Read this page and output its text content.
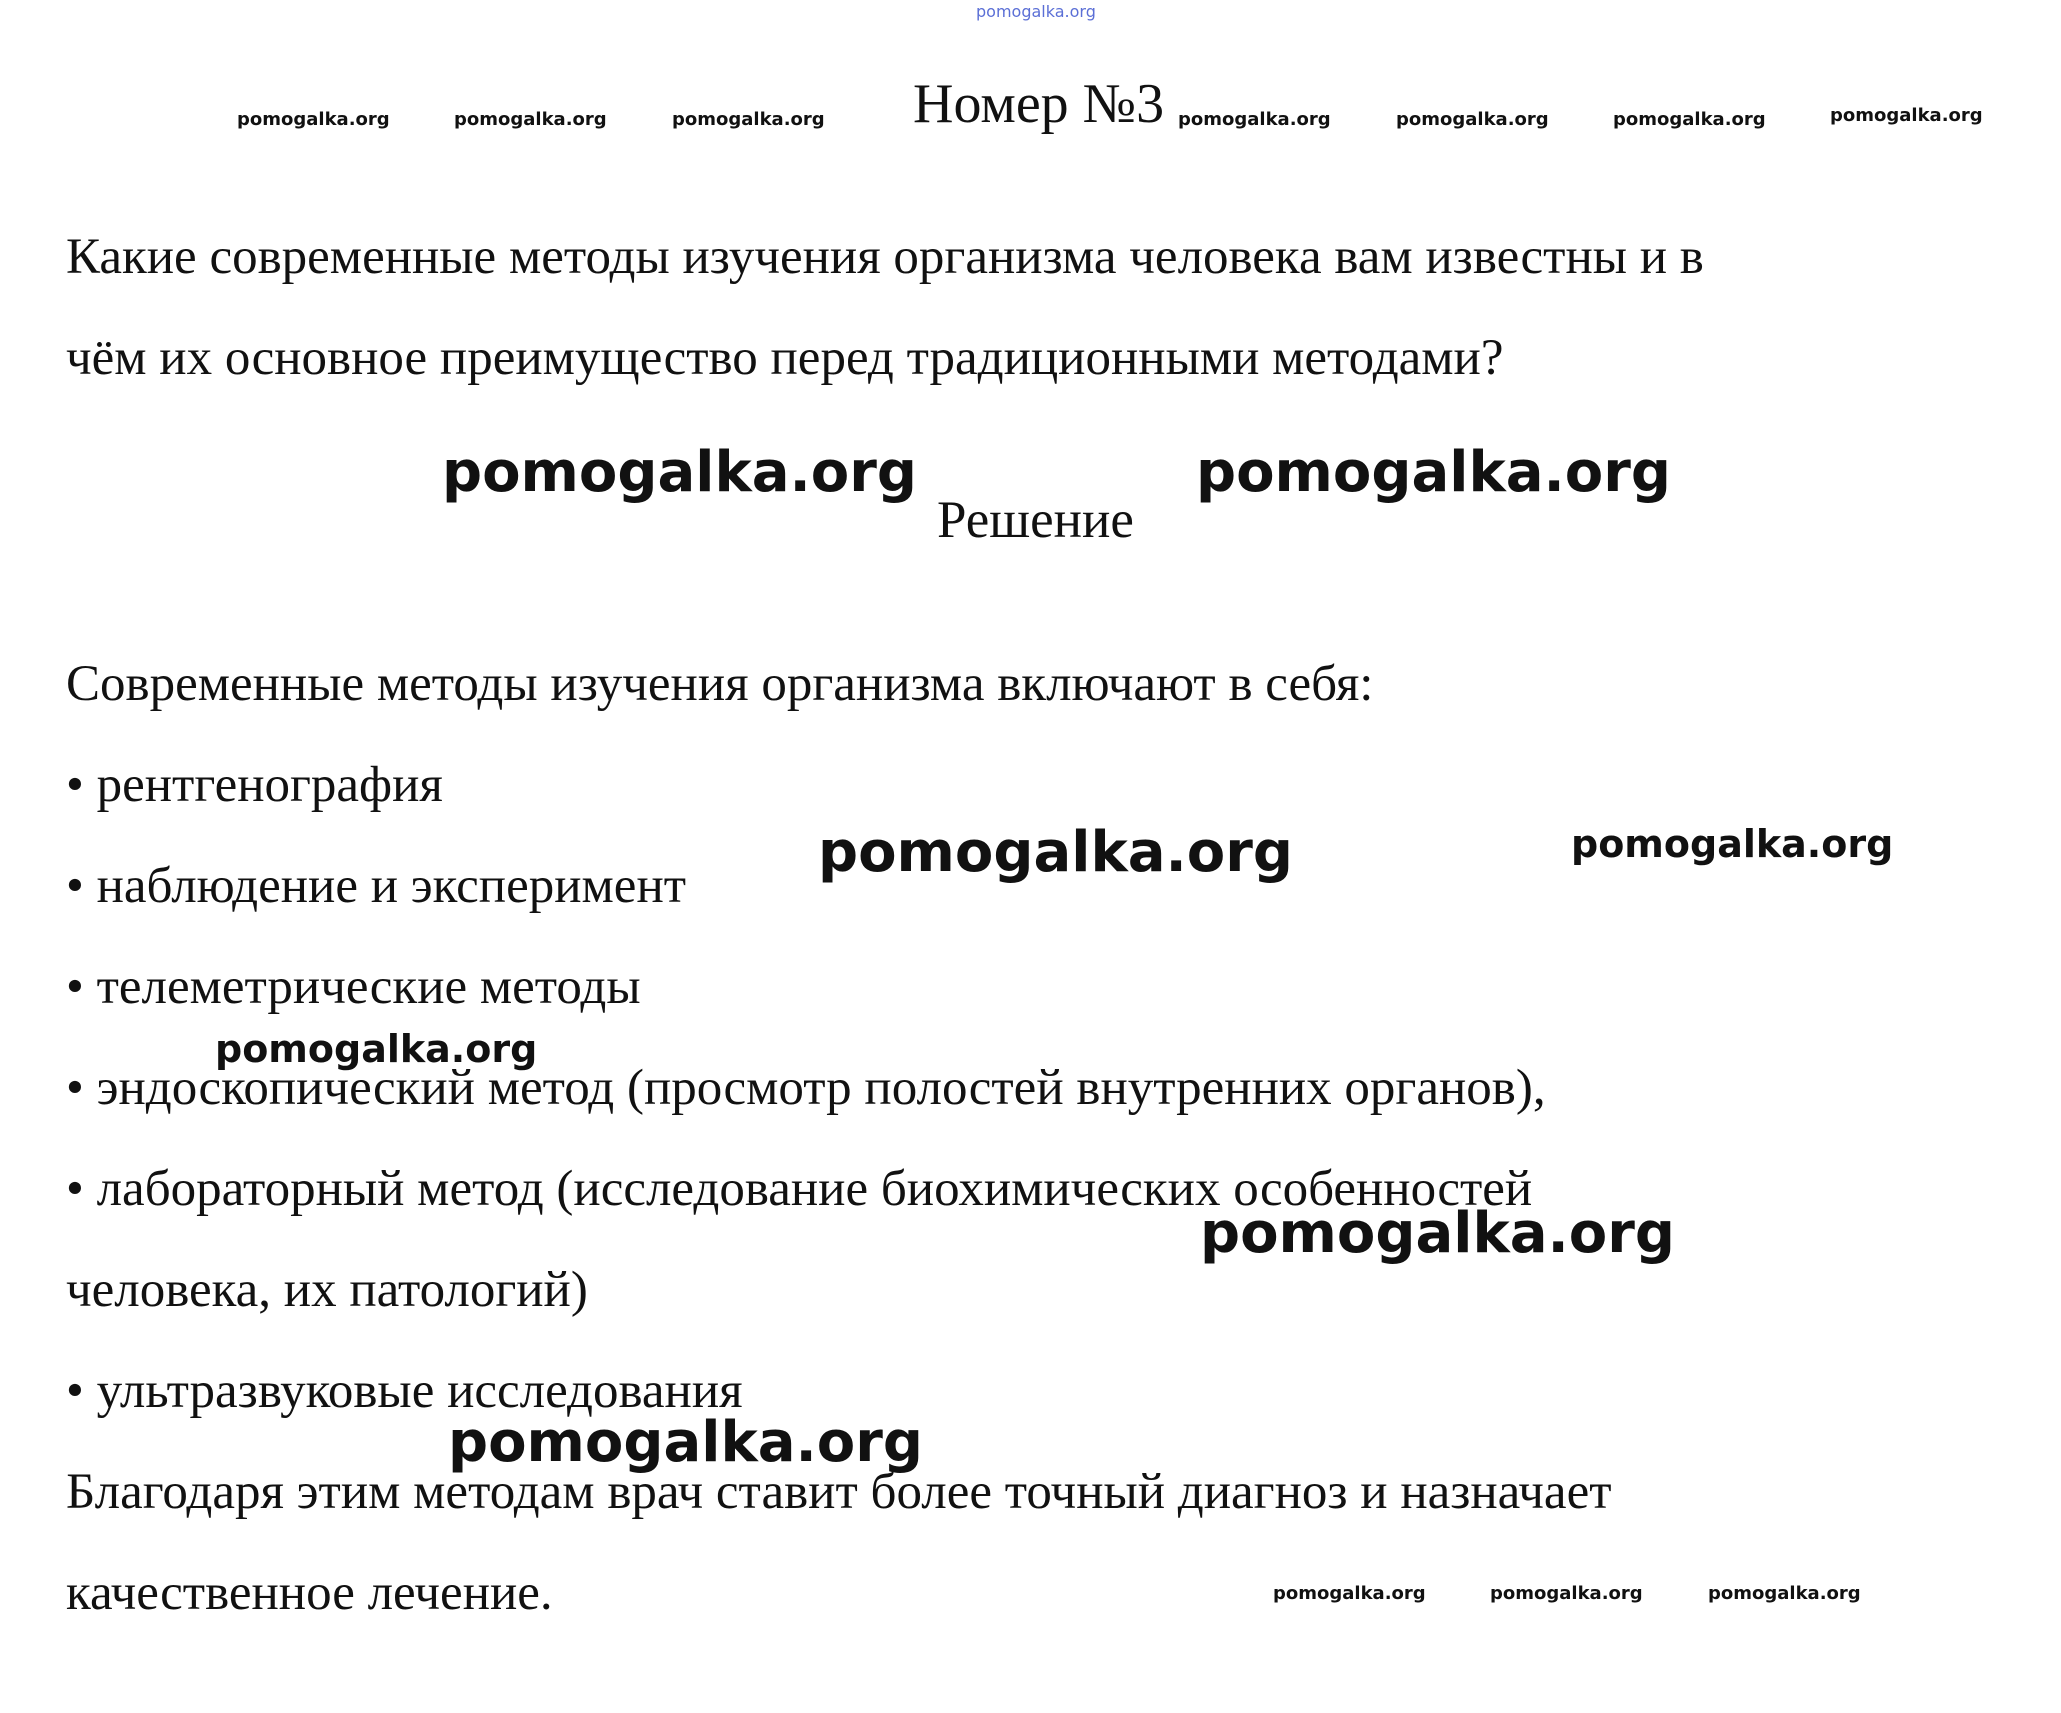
pomogalka.org
pomogalka.org	pomogalka.org	pomogalka.org Номер №3 pomogalka.org	pomogalka.org	pomogalka.org	pomogalka.org
Какие современные методы изучения организма человека вам известны и в
чём их основное преимущество перед традиционными методами?
pomogalka.org
Решение
pomogalka.org
Современные методы изучения организма включают в себя:
• рентгенография
• наблюдение и эксперимент
pomogalka.org	pomogalka.org
• телеметрические методы
pomogalka.org
• эндоскопический метод (просмотр полостей внутренних органов),
• лабораторный метод (исследование биохимических особенностей
pomogalka.org
человека, их патологий)
• ультразвуковые исследования
pomogalka.org
Благодаря этим методам врач ставит более точный диагноз и назначает
качественное лечение.	pomogalka.org	pomogalka.org	pomogalka.org
